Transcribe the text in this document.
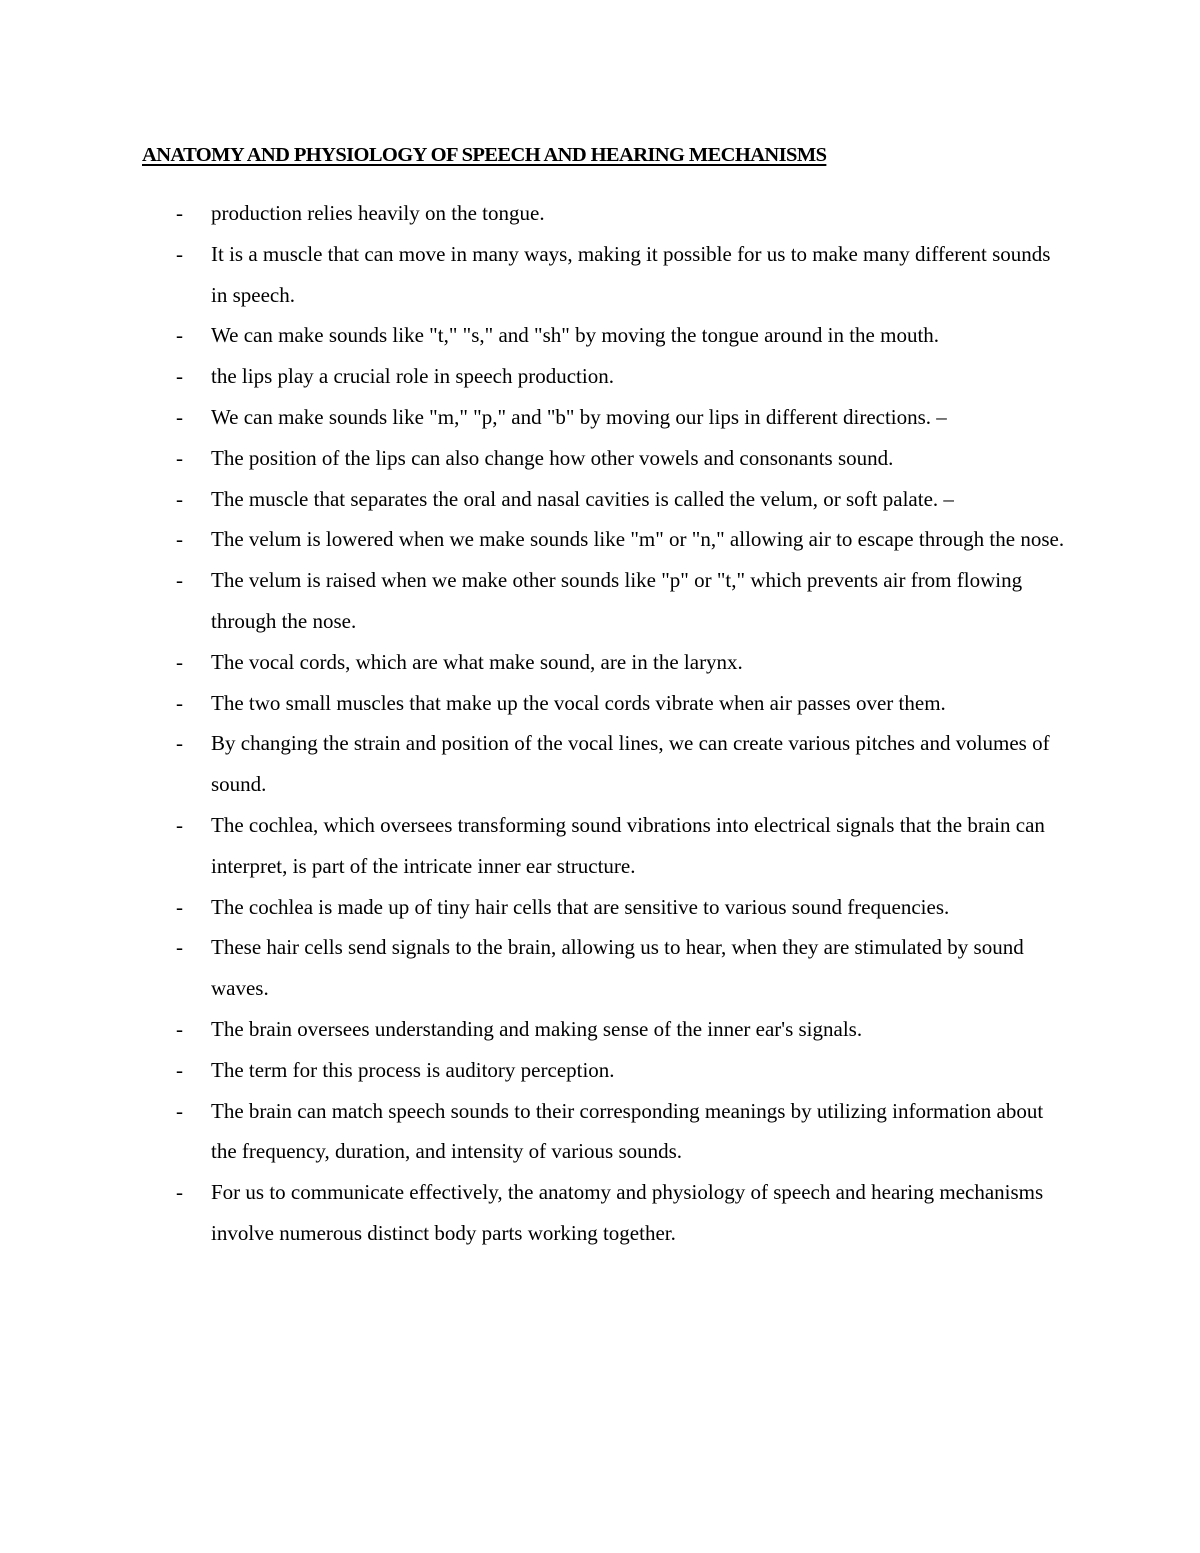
ANATOMY AND PHYSIOLOGY OF SPEECH AND HEARING MECHANISMS
- production relies heavily on the tongue.
- It is a muscle that can move in many ways, making it possible for us to make many different sounds in speech.
- We can make sounds like "t," "s," and "sh" by moving the tongue around in the mouth.
- the lips play a crucial role in speech production.
- We can make sounds like "m," "p," and "b" by moving our lips in different directions. –
- The position of the lips can also change how other vowels and consonants sound.
- The muscle that separates the oral and nasal cavities is called the velum, or soft palate. –
- The velum is lowered when we make sounds like "m" or "n," allowing air to escape through the nose.
- The velum is raised when we make other sounds like "p" or "t," which prevents air from flowing through the nose.
- The vocal cords, which are what make sound, are in the larynx.
- The two small muscles that make up the vocal cords vibrate when air passes over them.
- By changing the strain and position of the vocal lines, we can create various pitches and volumes of sound.
- The cochlea, which oversees transforming sound vibrations into electrical signals that the brain can interpret, is part of the intricate inner ear structure.
- The cochlea is made up of tiny hair cells that are sensitive to various sound frequencies.
- These hair cells send signals to the brain, allowing us to hear, when they are stimulated by sound waves.
- The brain oversees understanding and making sense of the inner ear's signals.
- The term for this process is auditory perception.
- The brain can match speech sounds to their corresponding meanings by utilizing information about the frequency, duration, and intensity of various sounds.
- For us to communicate effectively, the anatomy and physiology of speech and hearing mechanisms involve numerous distinct body parts working together.
